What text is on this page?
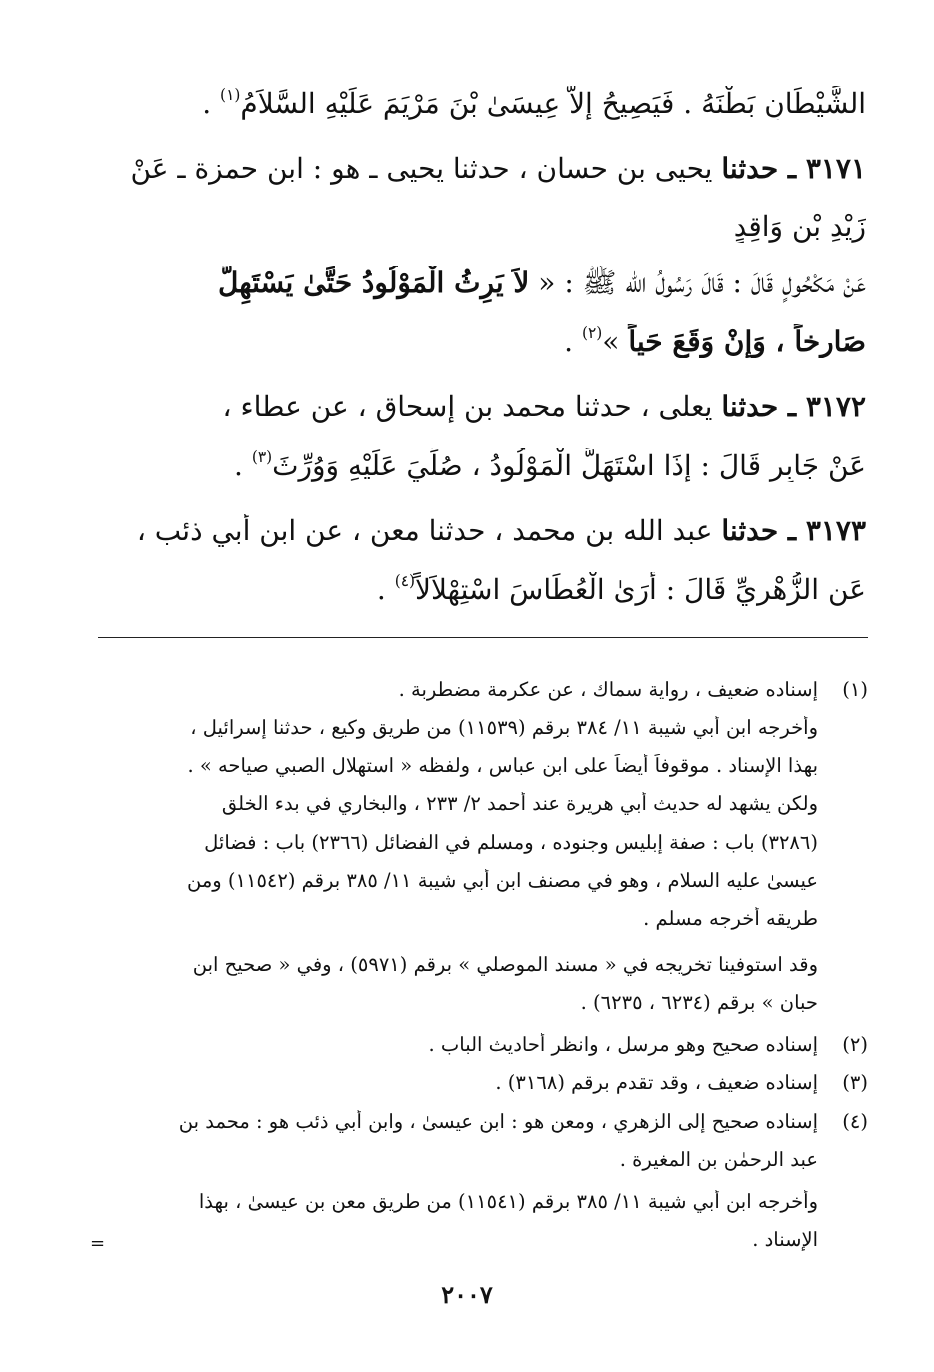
الشَّيْطَانِ بَطْنَهُ . فَيَصِيحُ إِلاَّ عِيسَىٰ بْنَ مَرْيَمَ عَلَيْهِ السَّلاَمُ$^{(١)}$ .
٣١٧١ ـ حدثنا يحيى بن حسان ، حدثنا يحيى ـ هو : ابن حمزة ـ عَنْ
زَيْدِ بْنِ وَاقِدٍ
عَنْ مَكْحُولٍ قَالَ : قَالَ رَسُولُ الله ﷺ : « لاَ يَرِثُ الْمَوْلُودُ حَتَّىٰ يَسْتَهِلَّ
صَارِخاً ، وَإِنْ وَقَعَ حَياً »$^{(٢)}$ .
٣١٧٢ ـ حدثنا يعلى ، حدثنا محمد بن إسحاق ، عن عطاء ،
عَنْ جَابِرٍ قَالَ : إِذَا اسْتَهَلَّ الْمَوْلُودُ ، صُلِّيَ عَلَيْهِ وَوُرِّثَ$^{(٣)}$ .
٣١٧٣ ـ حدثنا عبد الله بن محمد ، حدثنا معن ، عن ابن أبي ذئب ،
عَنِ الزُّهْرِيِّ قَالَ : أَرَىٰ الْعُطَاسَ اسْتِهْلاَلاً$^{(٤)}$ .
(١)
(٢)
(٣)
(٤)
إسناده ضعيف ، رواية سماك ، عن عكرمة مضطربة .
وأخرجه ابن أبي شيبة ١١/ ٣٨٤ برقم (١١٥٣٩) من طريق وكيع ، حدثنا إسرائيل ،
بهذا الإسناد . موقوفاً أيضاً على ابن عباس ، ولفظه « استهلال الصبي صياحه » .
ولكن يشهد له حديث أبي هريرة عند أحمد ٢/ ٢٣٣ ، والبخاري في بدء الخلق
(٣٢٨٦) باب : صفة إبليس وجنوده ، ومسلم في الفضائل (٢٣٦٦) باب : فضائل
عيسىٰ عليه السلام ، وهو في مصنف ابن أبي شيبة ١١/ ٣٨٥ برقم (١١٥٤٢) ومن
طريقه أخرجه مسلم .
وقد استوفينا تخريجه في « مسند الموصلي » برقم (٥٩٧١) ، وفي « صحيح ابن
حبان » برقم (٦٢٣٤ ، ٦٢٣٥) .
إسناده صحيح وهو مرسل ، وانظر أحاديث الباب .
إسناده ضعيف ، وقد تقدم برقم (٣١٦٨) .
إسناده صحيح إلى الزهري ، ومعن هو : ابن عيسىٰ ، وابن أبي ذئب هو : محمد بن
عبد الرحمٰن بن المغيرة .
وأخرجه ابن أبي شيبة ١١/ ٣٨٥ برقم (١١٥٤١) من طريق معن بن عيسىٰ ، بهذا
الإسناد .
=
٢٠٠٧
